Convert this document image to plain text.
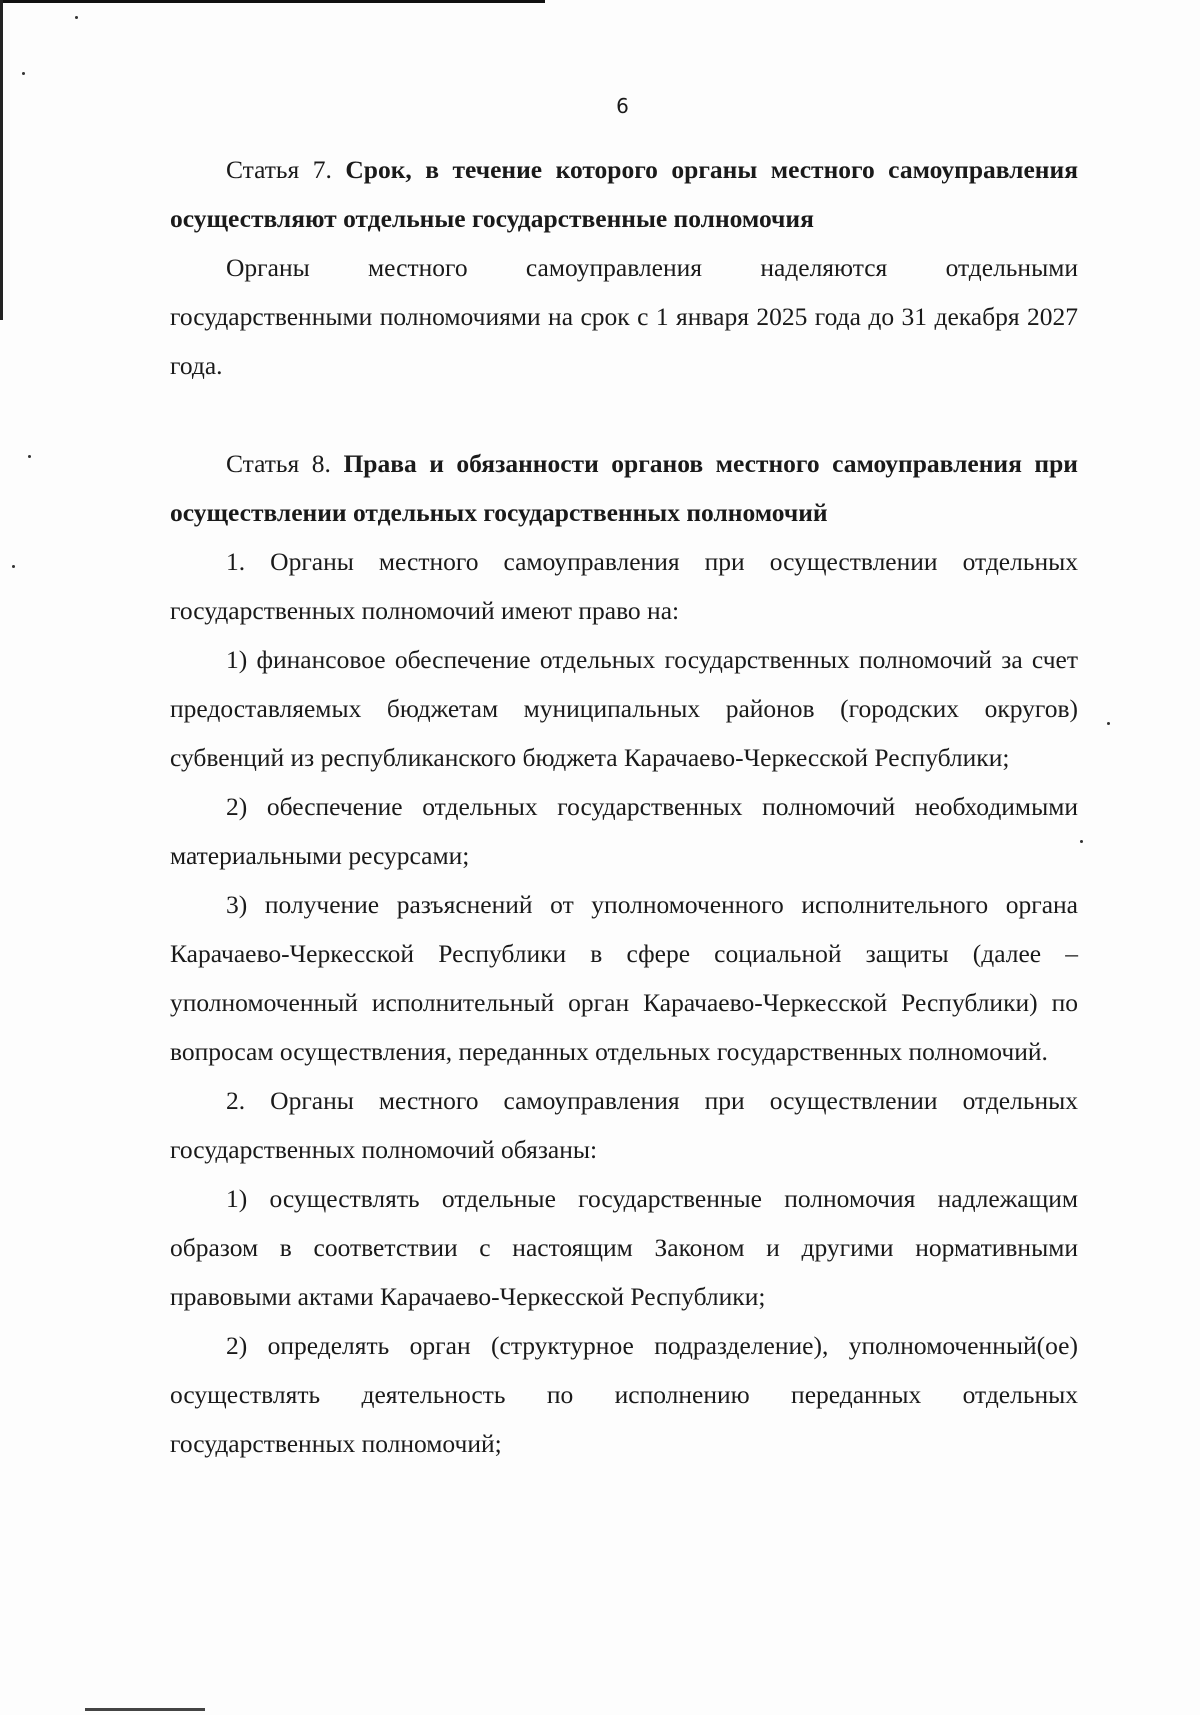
6

Статья 7. Срок, в течение которого органы местного самоуправления осуществляют отдельные государственные полномочия

Органы местного самоуправления наделяются отдельными государственными полномочиями на срок с 1 января 2025 года до 31 декабря 2027 года.

Статья 8. Права и обязанности органов местного самоуправления при осуществлении отдельных государственных полномочий

1. Органы местного самоуправления при осуществлении отдельных государственных полномочий имеют право на:

1) финансовое обеспечение отдельных государственных полномочий за счет предоставляемых бюджетам муниципальных районов (городских округов) субвенций из республиканского бюджета Карачаево-Черкесской Республики;

2) обеспечение отдельных государственных полномочий необходимыми материальными ресурсами;

3) получение разъяснений от уполномоченного исполнительного органа Карачаево-Черкесской Республики в сфере социальной защиты (далее – уполномоченный исполнительный орган Карачаево-Черкесской Республики) по вопросам осуществления, переданных отдельных государственных полномочий.

2. Органы местного самоуправления при осуществлении отдельных государственных полномочий обязаны:

1) осуществлять отдельные государственные полномочия надлежащим образом в соответствии с настоящим Законом и другими нормативными правовыми актами Карачаево-Черкесской Республики;

2) определять орган (структурное подразделение), уполномоченный(ое) осуществлять деятельность по исполнению переданных отдельных государственных полномочий;
